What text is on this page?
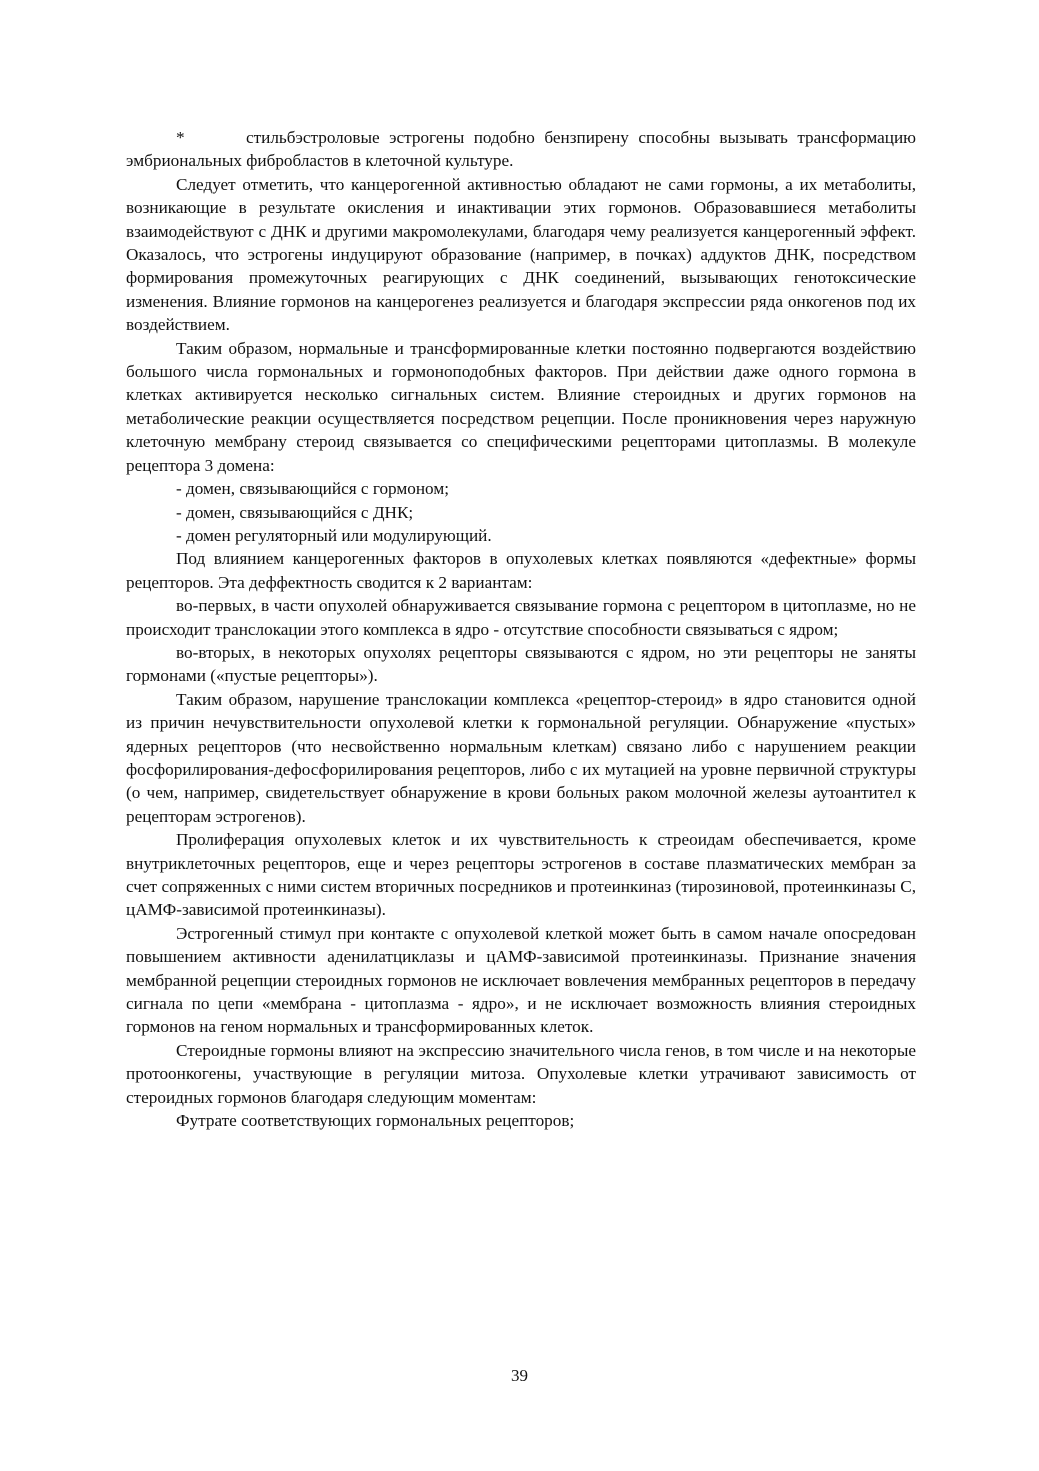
*	стильбэстроловые эстрогены подобно бензпирену способны вызывать трансформацию эмбриональных фибробластов в клеточной культуре.

Следует отметить, что канцерогенной активностью обладают не сами гормоны, а их метаболиты, возникающие в результате окисления и инактивации этих гормонов. Образовавшиеся метаболиты взаимодействуют с ДНК и другими макромолекулами, благодаря чему реализуется канцерогенный эффект. Оказалось, что эстрогены индуцируют образование (например, в почках) аддуктов ДНК, посредством формирования промежуточных реагирующих с ДНК соединений, вызывающих генотоксические изменения. Влияние гормонов на канцерогенез реализуется и благодаря экспрессии ряда онкогенов под их воздействием.

Таким образом, нормальные и трансформированные клетки постоянно подвергаются воздействию большого числа гормональных и гормоноподобных факторов. При действии даже одного гормона в клетках активируется несколько сигнальных систем. Влияние стероидных и других гормонов на метаболические реакции осуществляется посредством рецепции. После проникновения через наружную клеточную мембрану стероид связывается со специфическими рецепторами цитоплазмы. В молекуле рецептора 3 домена:

- домен, связывающийся с гормоном;

- домен, связывающийся с ДНК;

- домен регуляторный или модулирующий.

Под влиянием канцерогенных факторов в опухолевых клетках появляются «дефектные» формы рецепторов. Эта деффектность сводится к 2 вариантам:

во-первых, в части опухолей обнаруживается связывание гормона с рецептором в цитоплазме, но не происходит транслокации этого комплекса в ядро - отсутствие способности связываться с ядром;

во-вторых, в некоторых опухолях рецепторы связываются с ядром, но эти рецепторы не заняты гормонами («пустые рецепторы»).

Таким образом, нарушение транслокации комплекса «рецептор-стероид» в ядро становится одной из причин нечувствительности опухолевой клетки к гормональной регуляции. Обнаружение «пустых» ядерных рецепторов (что несвойственно нормальным клеткам) связано либо с нарушением реакции фосфорилирования-дефосфорилирования рецепторов, либо с их мутацией на уровне первичной структуры (о чем, например, свидетельствует обнаружение в крови больных раком молочной железы аутоантител к рецепторам эстрогенов).

Пролиферация опухолевых клеток и их чувствительность к стреоидам обеспечивается, кроме внутриклеточных рецепторов, еще и через рецепторы эстрогенов в составе плазматических мембран за счет сопряженных с ними систем вторичных посредников и протеинкиназ (тирозиновой, протеинкиназы С, цАМФ-зависимой протеинкиназы).

Эстрогенный стимул при контакте с опухолевой клеткой может быть в самом начале опосредован повышением активности аденилатциклазы и цАМФ-зависимой протеинкиназы. Признание значения мембранной рецепции стероидных гормонов не исключает вовлечения мембранных рецепторов в передачу сигнала по цепи «мембрана - цитоплазма - ядро», и не исключает возможность влияния стероидных гормонов на геном нормальных и трансформированных клеток.

Стероидные гормоны влияют на экспрессию значительного числа генов, в том числе и на некоторые протоонкогены, участвующие в регуляции митоза. Опухолевые клетки утрачивают зависимость от стероидных гормонов благодаря следующим моментам:

Футрате соответствующих гормональных рецепторов;

39
